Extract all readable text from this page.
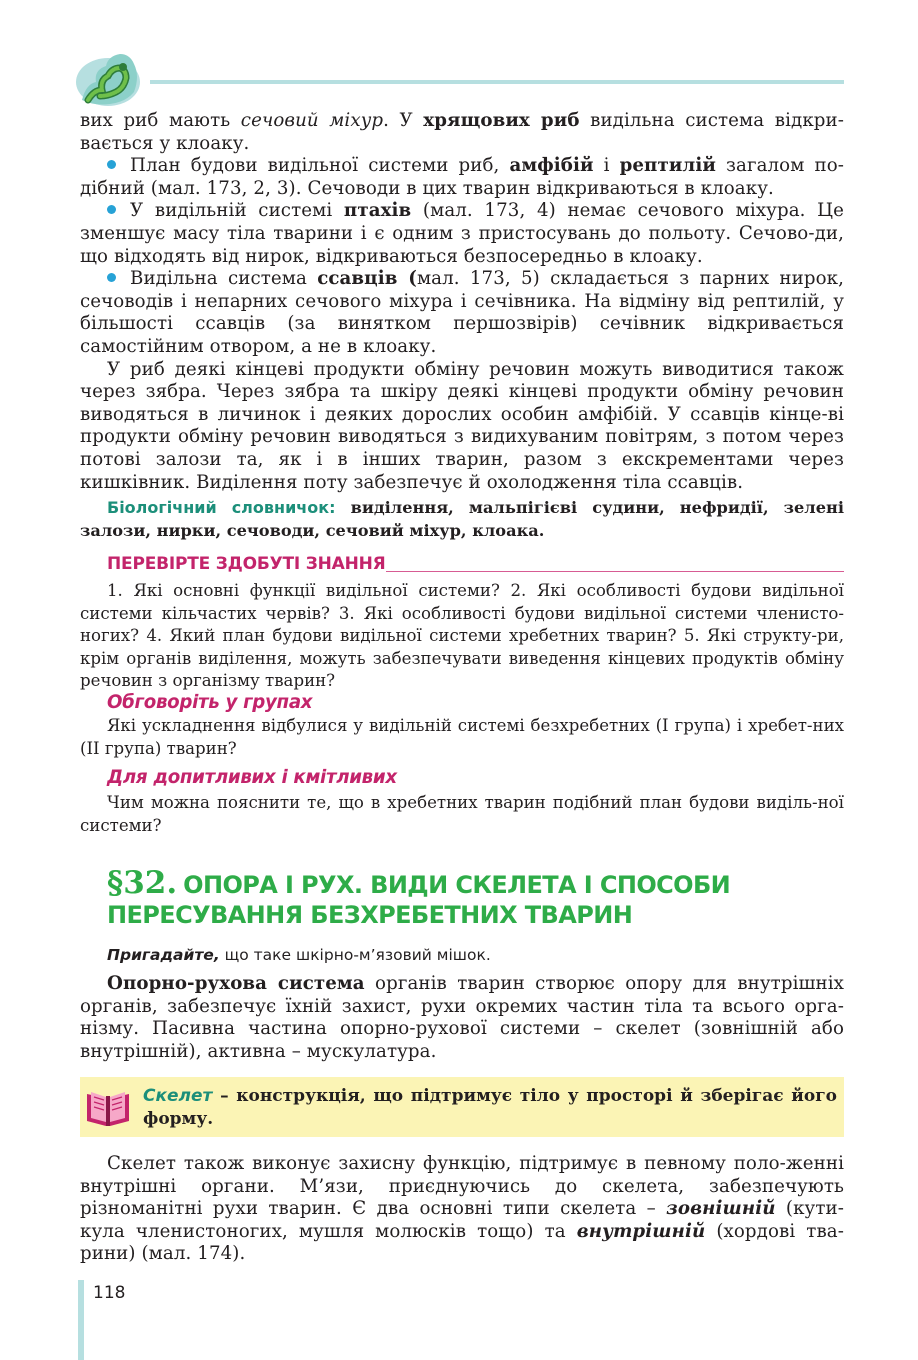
вих риб мають сечовий міхур. У хрящових риб видільна система відкри-вається у клоаку.

План будови видільної системи риб, амфібій і рептилій загалом по-дібний (мал. 173, 2, 3). Сечоводи в цих тварин відкриваються в клоаку.

У видільній системі птахів (мал. 173, 4) немає сечового міхура. Це зменшує масу тіла тварини і є одним з пристосувань до польоту. Сечово-ди, що відходять від нирок, відкриваються безпосередньо в клоаку.

Видільна система ссавців (мал. 173, 5) складається з парних нирок, сечоводів і непарних сечового міхура і сечівника. На відміну від рептилій, у більшості ссавців (за винятком першозвірів) сечівник відкривається самостійним отвором, а не в клоаку.

У риб деякі кінцеві продукти обміну речовин можуть виводитися також через зябра. Через зябра та шкіру деякі кінцеві продукти обміну речовин виводяться в личинок і деяких дорослих особин амфібій. У ссавців кінце-ві продукти обміну речовин виводяться з видихуваним повітрям, з потом через потові залози та, як і в інших тварин, разом з екскрементами через кишківник. Виділення поту забезпечує й охолодження тіла ссавців.

Біологічний словничок: виділення, мальпігієві судини, нефридії, зелені залози, нирки, сечоводи, сечовий міхур, клоака.

ПЕРЕВІРТЕ ЗДОБУТІ ЗНАННЯ

1. Які основні функції видільної системи? 2. Які особливості будови видільної системи кільчастих червів? 3. Які особливості будови видільної системи членисто-ногих? 4. Який план будови видільної системи хребетних тварин? 5. Які структу-ри, крім органів виділення, можуть забезпечувати виведення кінцевих продуктів обміну речовин з організму тварин?

Обговоріть у групах

Які ускладнення відбулися у видільній системі безхребетних (І група) і хребет-них (ІІ група) тварин?

Для допитливих і кмітливих

Чим можна пояснити те, що в хребетних тварин подібний план будови виділь-ної системи?

§32. ОПОРА І РУХ. ВИДИ СКЕЛЕТА І СПОСОБИ

ПЕРЕСУВАННЯ БЕЗХРЕБЕТНИХ ТВАРИН

Пригадайте, що таке шкірно-м’язовий мішок.

Опорно-рухова система органів тварин створює опору для внутрішніх органів, забезпечує їхній захист, рухи окремих частин тіла та всього орга-нізму. Пасивна частина опорно-рухової системи – скелет (зовнішній або внутрішній), активна – мускулатура.

Скелет – конструкція, що підтримує тіло у просторі й зберігає його форму.

Скелет також виконує захисну функцію, підтримує в певному поло-женні внутрішні органи. М’язи, приєднуючись до скелета, забезпечують різноманітні рухи тварин. Є два основні типи скелета – зовнішній (кути-кула членистоногих, мушля молюсків тощо) та внутрішній (хордові тва-рини) (мал. 174).

118
